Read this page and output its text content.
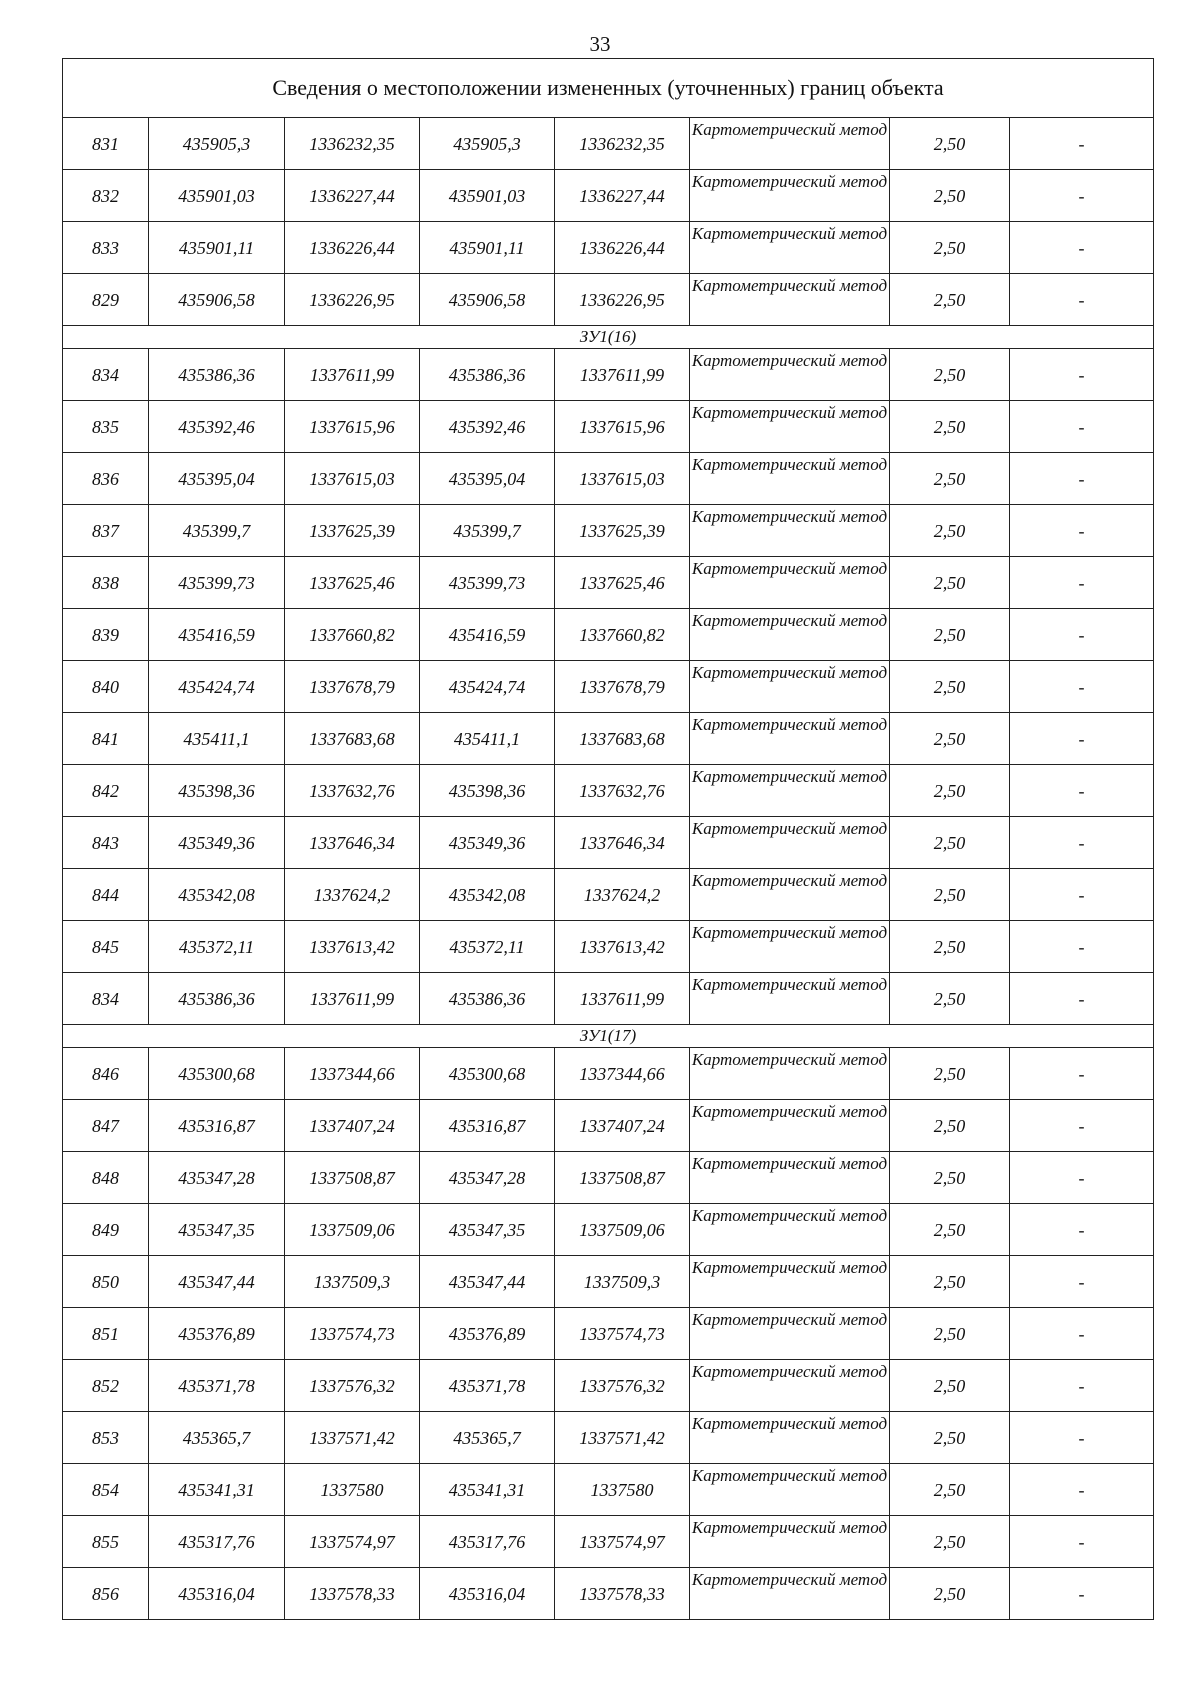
33
Сведения о местоположении измененных (уточненных) границ объекта							
831	435905,3	1336232,35	435905,3	1336232,35	Картометрический метод	2,50	-
832	435901,03	1336227,44	435901,03	1336227,44	Картометрический метод	2,50	-
833	435901,11	1336226,44	435901,11	1336226,44	Картометрический метод	2,50	-
829	435906,58	1336226,95	435906,58	1336226,95	Картометрический метод	2,50	-
ЗУ1(16)							
834	435386,36	1337611,99	435386,36	1337611,99	Картометрический метод	2,50	-
835	435392,46	1337615,96	435392,46	1337615,96	Картометрический метод	2,50	-
836	435395,04	1337615,03	435395,04	1337615,03	Картометрический метод	2,50	-
837	435399,7	1337625,39	435399,7	1337625,39	Картометрический метод	2,50	-
838	435399,73	1337625,46	435399,73	1337625,46	Картометрический метод	2,50	-
839	435416,59	1337660,82	435416,59	1337660,82	Картометрический метод	2,50	-
840	435424,74	1337678,79	435424,74	1337678,79	Картометрический метод	2,50	-
841	435411,1	1337683,68	435411,1	1337683,68	Картометрический метод	2,50	-
842	435398,36	1337632,76	435398,36	1337632,76	Картометрический метод	2,50	-
843	435349,36	1337646,34	435349,36	1337646,34	Картометрический метод	2,50	-
844	435342,08	1337624,2	435342,08	1337624,2	Картометрический метод	2,50	-
845	435372,11	1337613,42	435372,11	1337613,42	Картометрический метод	2,50	-
834	435386,36	1337611,99	435386,36	1337611,99	Картометрический метод	2,50	-
ЗУ1(17)							
846	435300,68	1337344,66	435300,68	1337344,66	Картометрический метод	2,50	-
847	435316,87	1337407,24	435316,87	1337407,24	Картометрический метод	2,50	-
848	435347,28	1337508,87	435347,28	1337508,87	Картометрический метод	2,50	-
849	435347,35	1337509,06	435347,35	1337509,06	Картометрический метод	2,50	-
850	435347,44	1337509,3	435347,44	1337509,3	Картометрический метод	2,50	-
851	435376,89	1337574,73	435376,89	1337574,73	Картометрический метод	2,50	-
852	435371,78	1337576,32	435371,78	1337576,32	Картометрический метод	2,50	-
853	435365,7	1337571,42	435365,7	1337571,42	Картометрический метод	2,50	-
854	435341,31	1337580	435341,31	1337580	Картометрический метод	2,50	-
855	435317,76	1337574,97	435317,76	1337574,97	Картометрический метод	2,50	-
856	435316,04	1337578,33	435316,04	1337578,33	Картометрический метод	2,50	-
